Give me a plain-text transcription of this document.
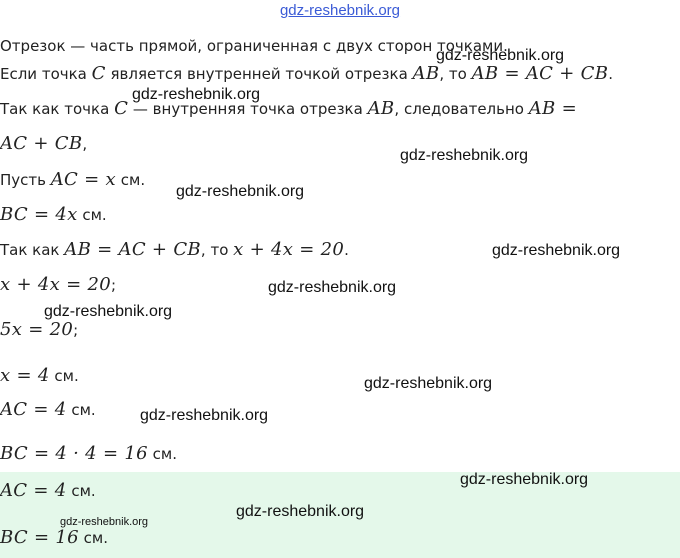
gdz-reshebnik.org
Отрезок — часть прямой, ограниченная с двух сторон точками.
Если точка C является внутренней точкой отрезка AB, то AB = AC + CB.
Так как точка C — внутренняя точка отрезка AB, следовательно AB =
AC + CB,
Пусть AC = x см.
BC = 4x см.
Так как AB = AC + CB, то x + 4x = 20.
x + 4x = 20;
5x = 20;
x = 4 см.
AC = 4 см.
BC = 4 · 4 = 16 см.
AC = 4 см.
BC = 16 см.
gdz-reshebnik.org
gdz-reshebnik.org
gdz-reshebnik.org
gdz-reshebnik.org
gdz-reshebnik.org
gdz-reshebnik.org
gdz-reshebnik.org
gdz-reshebnik.org
gdz-reshebnik.org
gdz-reshebnik.org
gdz-reshebnik.org
gdz-reshebnik.org
